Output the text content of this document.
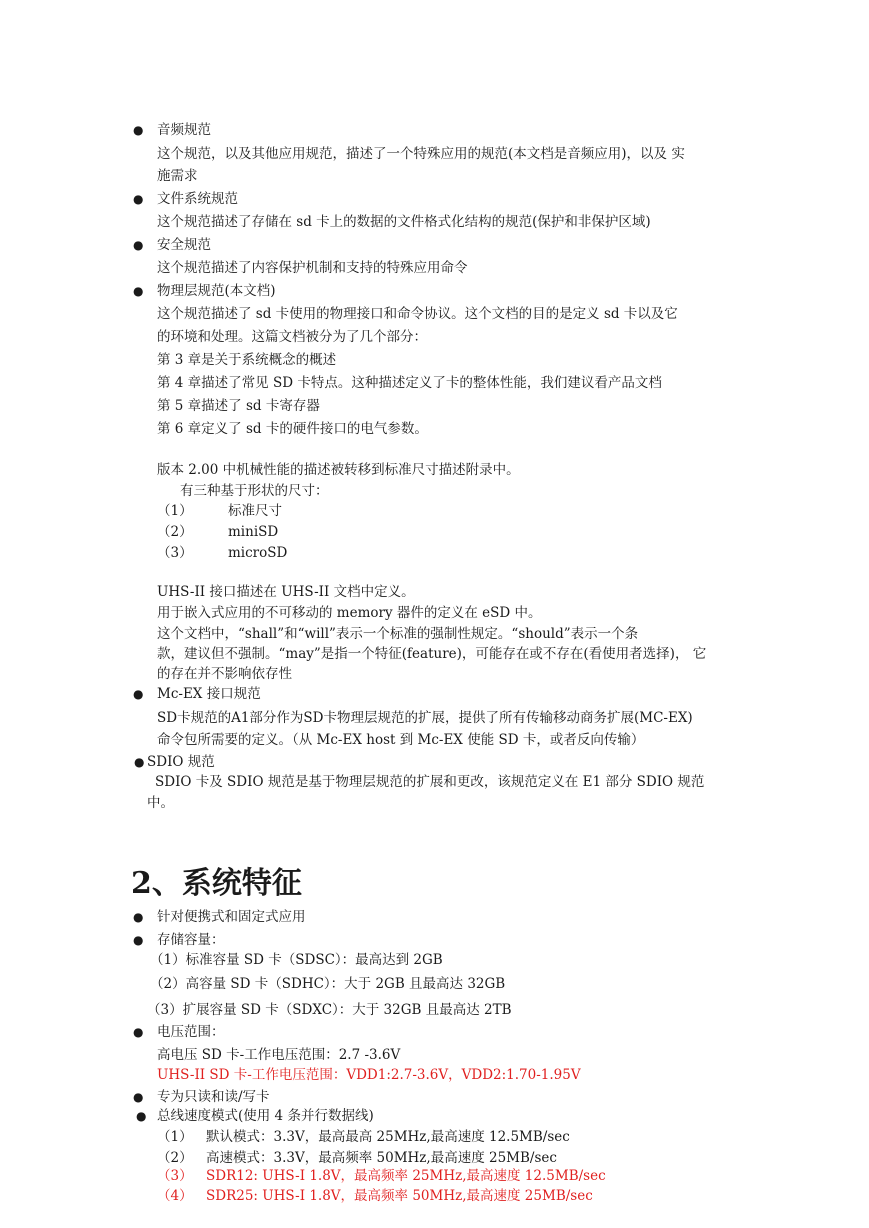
● 音频规范
这个规范，以及其他应用规范，描述了一个特殊应用的规范(本文档是音频应用)，以及 实
施需求
● 文件系统规范
这个规范描述了存储在 sd 卡上的数据的文件格式化结构的规范(保护和非保护区域)
● 安全规范
这个规范描述了内容保护机制和支持的特殊应用命令
● 物理层规范(本文档)
这个规范描述了 sd 卡使用的物理接口和命令协议。这个文档的目的是定义 sd 卡以及它
的环境和处理。这篇文档被分为了几个部分：
第 3 章是关于系统概念的概述
第 4 章描述了常见 SD 卡特点。这种描述定义了卡的整体性能，我们建议看产品文档
第 5 章描述了 sd 卡寄存器
第 6 章定义了 sd 卡的硬件接口的电气参数。
版本 2.00 中机械性能的描述被转移到标准尺寸描述附录中。
有三种基于形状的尺寸：
（1）	标准尺寸
（2）	miniSD
（3）	microSD
UHS-II 接口描述在 UHS-II 文档中定义。
用于嵌入式应用的不可移动的 memory 器件的定义在 eSD 中。
这个文档中，“shall”和“will”表示一个标准的强制性规定。“should”表示一个条
款，建议但不强制。“may”是指一个特征(feature)，可能存在或不存在(看使用者选择)， 它
的存在并不影响依存性
● Mc-EX 接口规范
SD卡规范的A1部分作为SD卡物理层规范的扩展，提供了所有传输移动商务扩展(MC-EX)
命令包所需要的定义。（从 Mc-EX host 到 Mc-EX 使能 SD 卡，或者反向传输）
● SDIO 规范
SDIO 卡及 SDIO 规范是基于物理层规范的扩展和更改，该规范定义在 E1 部分 SDIO 规范
中。
2、系统特征
● 针对便携式和固定式应用
● 存储容量：
（1）标准容量 SD 卡（SDSC）：最高达到 2GB
（2）高容量 SD 卡（SDHC）：大于 2GB 且最高达 32GB
（3）扩展容量 SD 卡（SDXC）：大于 32GB 且最高达 2TB
● 电压范围：
高电压 SD 卡-工作电压范围：2.7 -3.6V
UHS-II SD 卡-工作电压范围：VDD1:2.7-3.6V，VDD2:1.70-1.95V
● 专为只读和读/写卡
● 总线速度模式(使用 4 条并行数据线)
（1） 默认模式：3.3V，最高最高 25MHz,最高速度 12.5MB/sec
（2） 高速模式：3.3V，最高频率 50MHz,最高速度 25MB/sec
（3） SDR12: UHS-I 1.8V，最高频率 25MHz,最高速度 12.5MB/sec
（4） SDR25: UHS-I 1.8V，最高频率 50MHz,最高速度 25MB/sec
